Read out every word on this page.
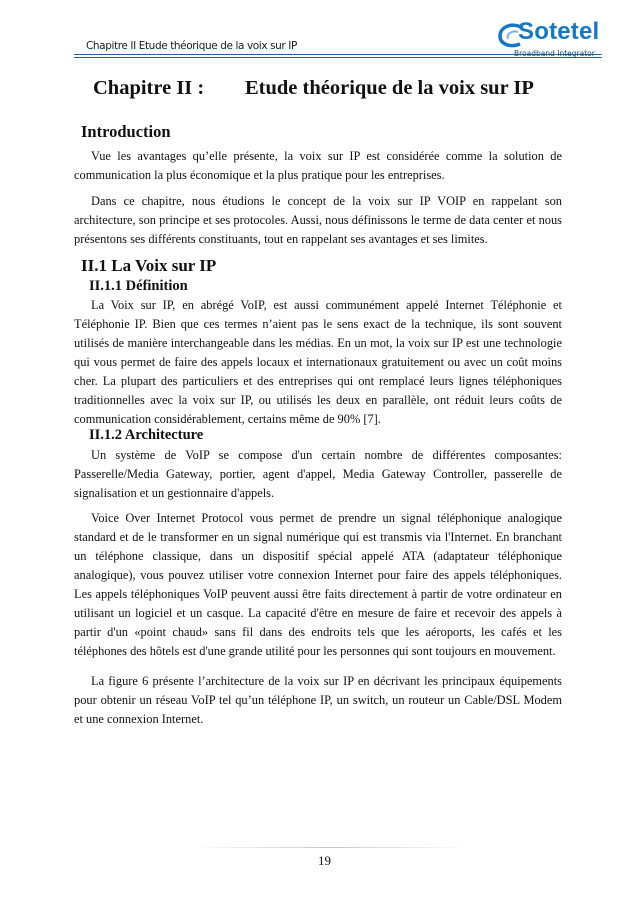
Chapitre II Etude théorique de la voix sur IP
Sotetel
Broadband Integrator
Chapitre II : Etude théorique de la voix sur IP
Introduction

Vue les avantages qu’elle présente, la voix sur IP est considérée comme la solution de communication la plus économique et la plus pratique pour les entreprises.

Dans ce chapitre, nous étudions le concept de la voix sur IP VOIP en rappelant son architecture, son principe et ses protocoles. Aussi, nous définissons le terme de data center et nous présentons ses différents constituants, tout en rappelant ses avantages et ses limites.

II.1 La Voix sur IP
II.1.1 Définition

La Voix sur IP, en abrégé VoIP, est aussi communément appelé Internet Téléphonie et Téléphonie IP. Bien que ces termes n’aient pas le sens exact de la technique, ils sont souvent utilisés de manière interchangeable dans les médias. En un mot, la voix sur IP est une technologie qui vous permet de faire des appels locaux et internationaux gratuitement ou avec un coût moins cher. La plupart des particuliers et des entreprises qui ont remplacé leurs lignes téléphoniques traditionnelles avec la voix sur IP, ou utilisés les deux en parallèle, ont réduit leurs coûts de communication considérablement, certains même de 90% [7].

II.1.2 Architecture

Un système de VoIP se compose d'un certain nombre de différentes composantes: Passerelle/Media Gateway, portier, agent d'appel, Media Gateway Controller, passerelle de signalisation et un gestionnaire d'appels.

Voice Over Internet Protocol vous permet de prendre un signal téléphonique analogique standard et de le transformer en un signal numérique qui est transmis via l'Internet. En branchant un téléphone classique, dans un dispositif spécial appelé ATA (adaptateur téléphonique analogique), vous pouvez utiliser votre connexion Internet pour faire des appels téléphoniques. Les appels téléphoniques VoIP peuvent aussi être faits directement à partir de votre ordinateur en utilisant un logiciel et un casque. La capacité d'être en mesure de faire et recevoir des appels à partir d'un «point chaud» sans fil dans des endroits tels que les aéroports, les cafés et les téléphones des hôtels est d'une grande utilité pour les personnes qui sont toujours en mouvement.

La figure 6 présente l’architecture de la voix sur IP en décrivant les principaux équipements pour obtenir un réseau VoIP tel qu’un téléphone IP, un switch, un routeur un Cable/DSL Modem et une connexion Internet.

19
